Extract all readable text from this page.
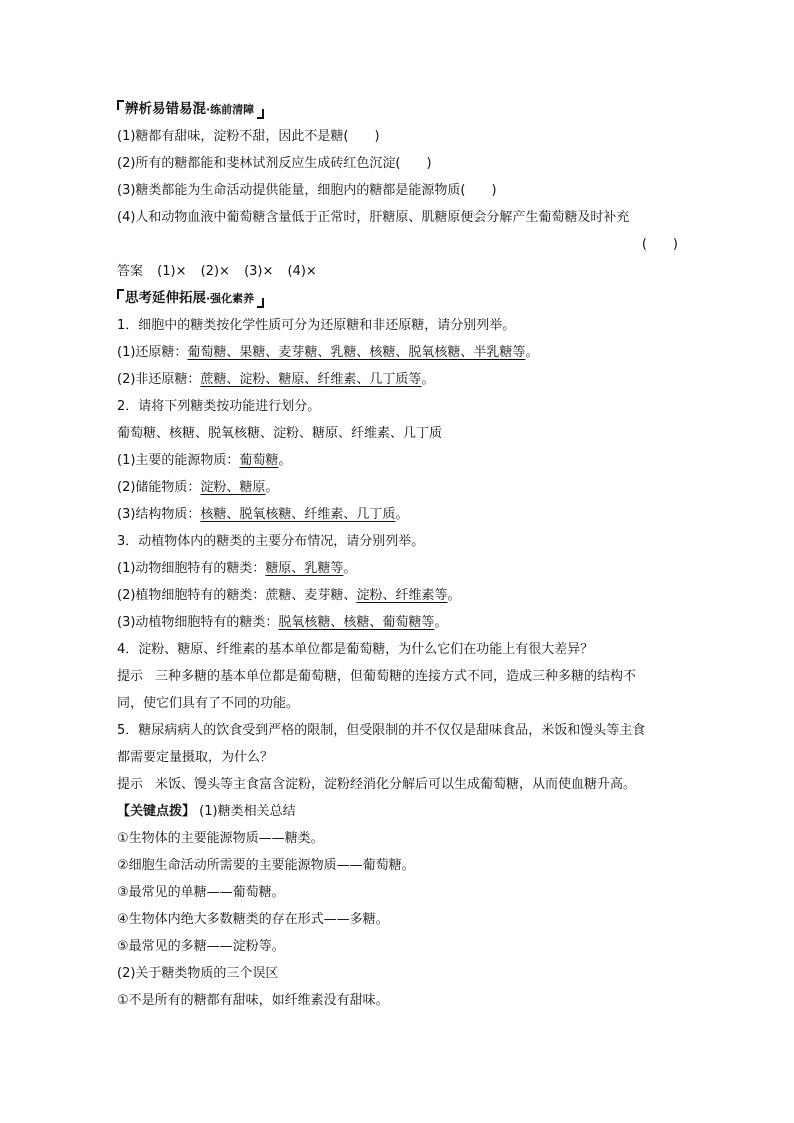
辨析易错易混·练前清障
(1)糖都有甜味，淀粉不甜，因此不是糖(　　)
(2)所有的糖都能和斐林试剂反应生成砖红色沉淀(　　)
(3)糖类都能为生命活动提供能量，细胞内的糖都是能源物质(　　)
(4)人和动物血液中葡萄糖含量低于正常时，肝糖原、肌糖原便会分解产生葡萄糖及时补充
(　　)
答案 (1)× (2)× (3)× (4)×
思考延伸拓展·强化素养
1．细胞中的糖类按化学性质可分为还原糖和非还原糖，请分别列举。
(1)还原糖：葡萄糖、果糖、麦芽糖、乳糖、核糖、脱氧核糖、半乳糖等。
(2)非还原糖：蔗糖、淀粉、糖原、纤维素、几丁质等。
2．请将下列糖类按功能进行划分。
葡萄糖、核糖、脱氧核糖、淀粉、糖原、纤维素、几丁质
(1)主要的能源物质：葡萄糖。
(2)储能物质：淀粉、糖原。
(3)结构物质：核糖、脱氧核糖、纤维素、几丁质。
3．动植物体内的糖类的主要分布情况，请分别列举。
(1)动物细胞特有的糖类：糖原、乳糖等。
(2)植物细胞特有的糖类：蔗糖、麦芽糖、淀粉、纤维素等。
(3)动植物细胞特有的糖类：脱氧核糖、核糖、葡萄糖等。
4．淀粉、糖原、纤维素的基本单位都是葡萄糖，为什么它们在功能上有很大差异？
提示 三种多糖的基本单位都是葡萄糖，但葡萄糖的连接方式不同，造成三种多糖的结构不
同，使它们具有了不同的功能。
5．糖尿病病人的饮食受到严格的限制，但受限制的并不仅仅是甜味食品，米饭和馒头等主食
都需要定量摄取，为什么？
提示 米饭、馒头等主食富含淀粉，淀粉经消化分解后可以生成葡萄糖，从而使血糖升高。
【关键点拨】 (1)糖类相关总结
①生物体的主要能源物质——糖类。
②细胞生命活动所需要的主要能源物质——葡萄糖。
③最常见的单糖——葡萄糖。
④生物体内绝大多数糖类的存在形式——多糖。
⑤最常见的多糖——淀粉等。
(2)关于糖类物质的三个误区
①不是所有的糖都有甜味，如纤维素没有甜味。
